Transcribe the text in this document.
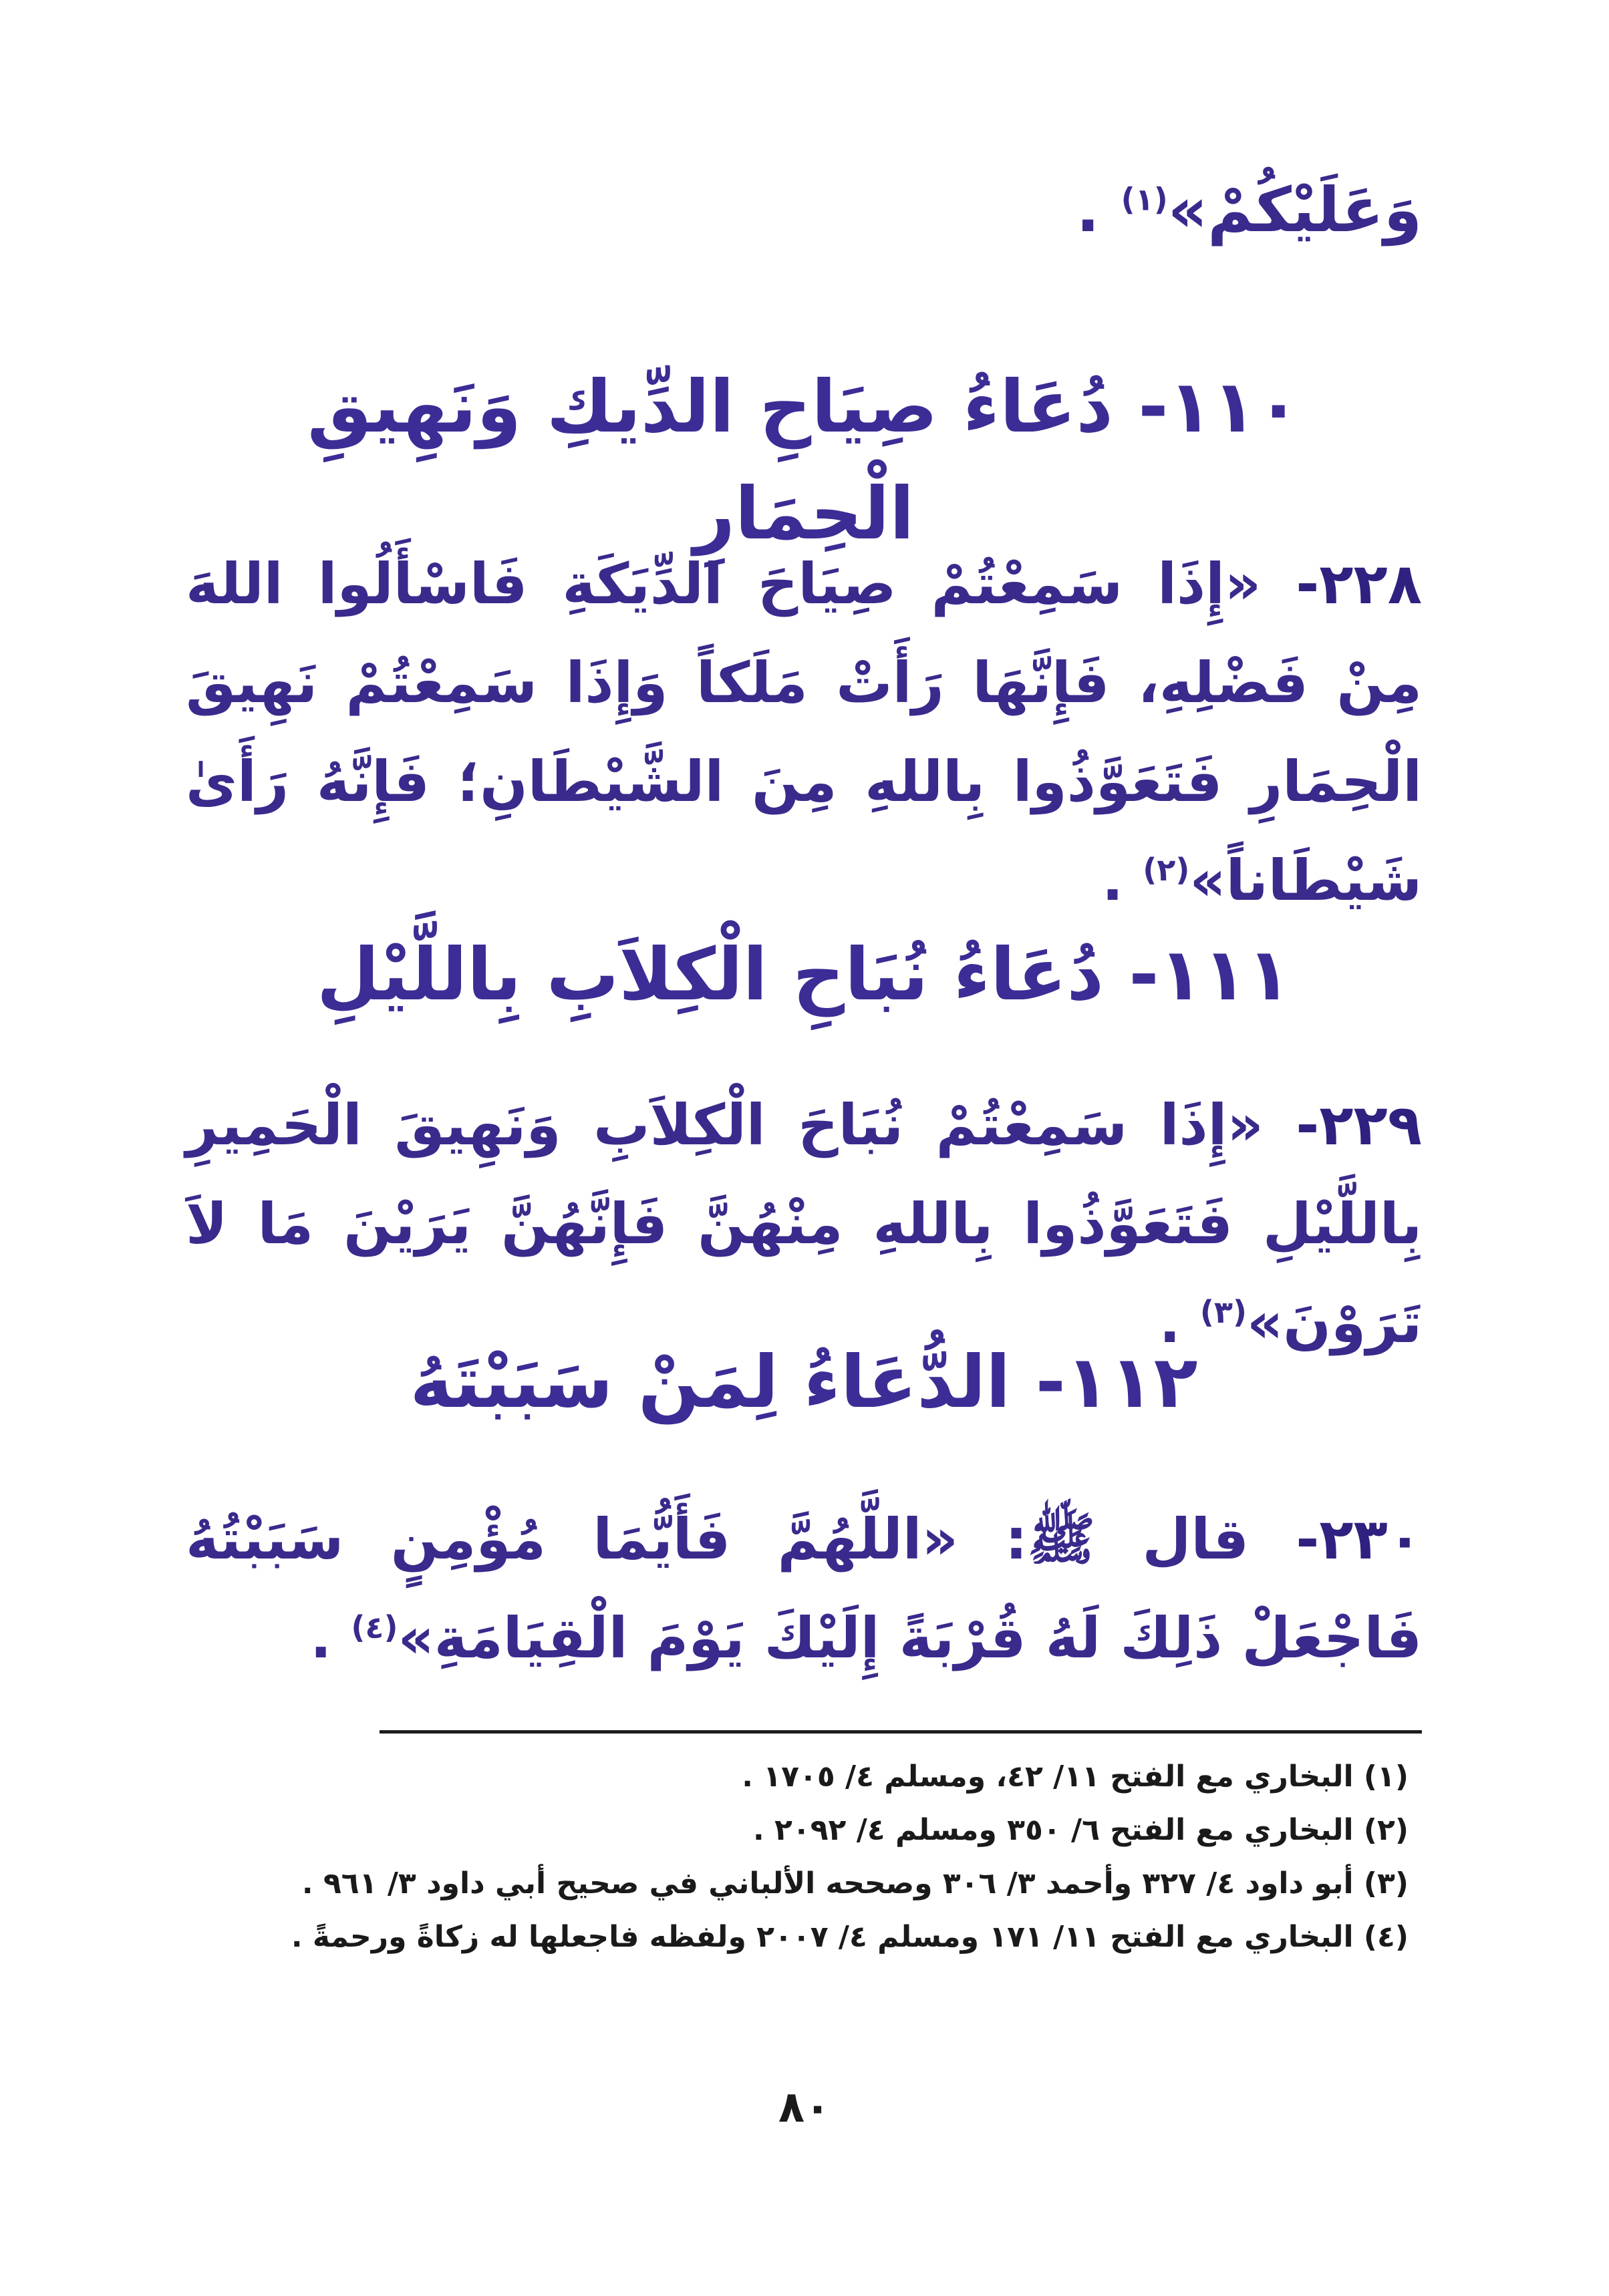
وَعَلَيْكُمْ»$^{(١)}$ .
١١٠- دُعَاءُ صِيَاحِ الدِّيكِ وَنَهِيقِ الْحِمَارِ
٢٢٨- «إِذَا سَمِعْتُمْ صِيَاحَ الدِّيَكَةِ فَاسْأَلُوا اللهَ مِنْ فَضْلِهِ، فَإِنَّهَا رَأَتْ مَلَكاً وَإِذَا سَمِعْتُمْ نَهِيقَ الْحِمَارِ فَتَعَوَّذُوا بِاللهِ مِنَ الشَّيْطَانِ؛ فَإِنَّهُ رَأَىٰ شَيْطَاناً»$^{(٢)}$ .
١١١- دُعَاءُ نُبَاحِ الْكِلاَبِ بِاللَّيْلِ
٢٢٩- «إِذَا سَمِعْتُمْ نُبَاحَ الْكِلاَبِ وَنَهِيقَ الْحَمِيرِ بِاللَّيْلِ فَتَعَوَّذُوا بِاللهِ مِنْهُنَّ فَإِنَّهُنَّ يَرَيْنَ مَا لاَ تَرَوْنَ»$^{(٣)}$ .
١١٢- الدُّعَاءُ لِمَنْ سَبَبْتَهُ
٢٣٠- قال ﷺ: «اللَّهُمَّ فَأَيُّمَا مُؤْمِنٍ سَبَبْتُهُ فَاجْعَلْ ذَلِكَ لَهُ قُرْبَةً إِلَيْكَ يَوْمَ الْقِيَامَةِ»$^{(٤)}$ .
(١) البخاري مع الفتح ١١/ ٤٢، ومسلم ٤/ ١٧٠٥ .
(٢) البخاري مع الفتح ٦/ ٣٥٠ ومسلم ٤/ ٢٠٩٢ .
(٣) أبو داود ٤/ ٣٢٧ وأحمد ٣/ ٣٠٦ وصححه الألباني في صحيح أبي داود ٣/ ٩٦١ .
(٤) البخاري مع الفتح ١١/ ١٧١ ومسلم ٤/ ٢٠٠٧ ولفظه فاجعلها له زكاةً ورحمةً .
٨٠
